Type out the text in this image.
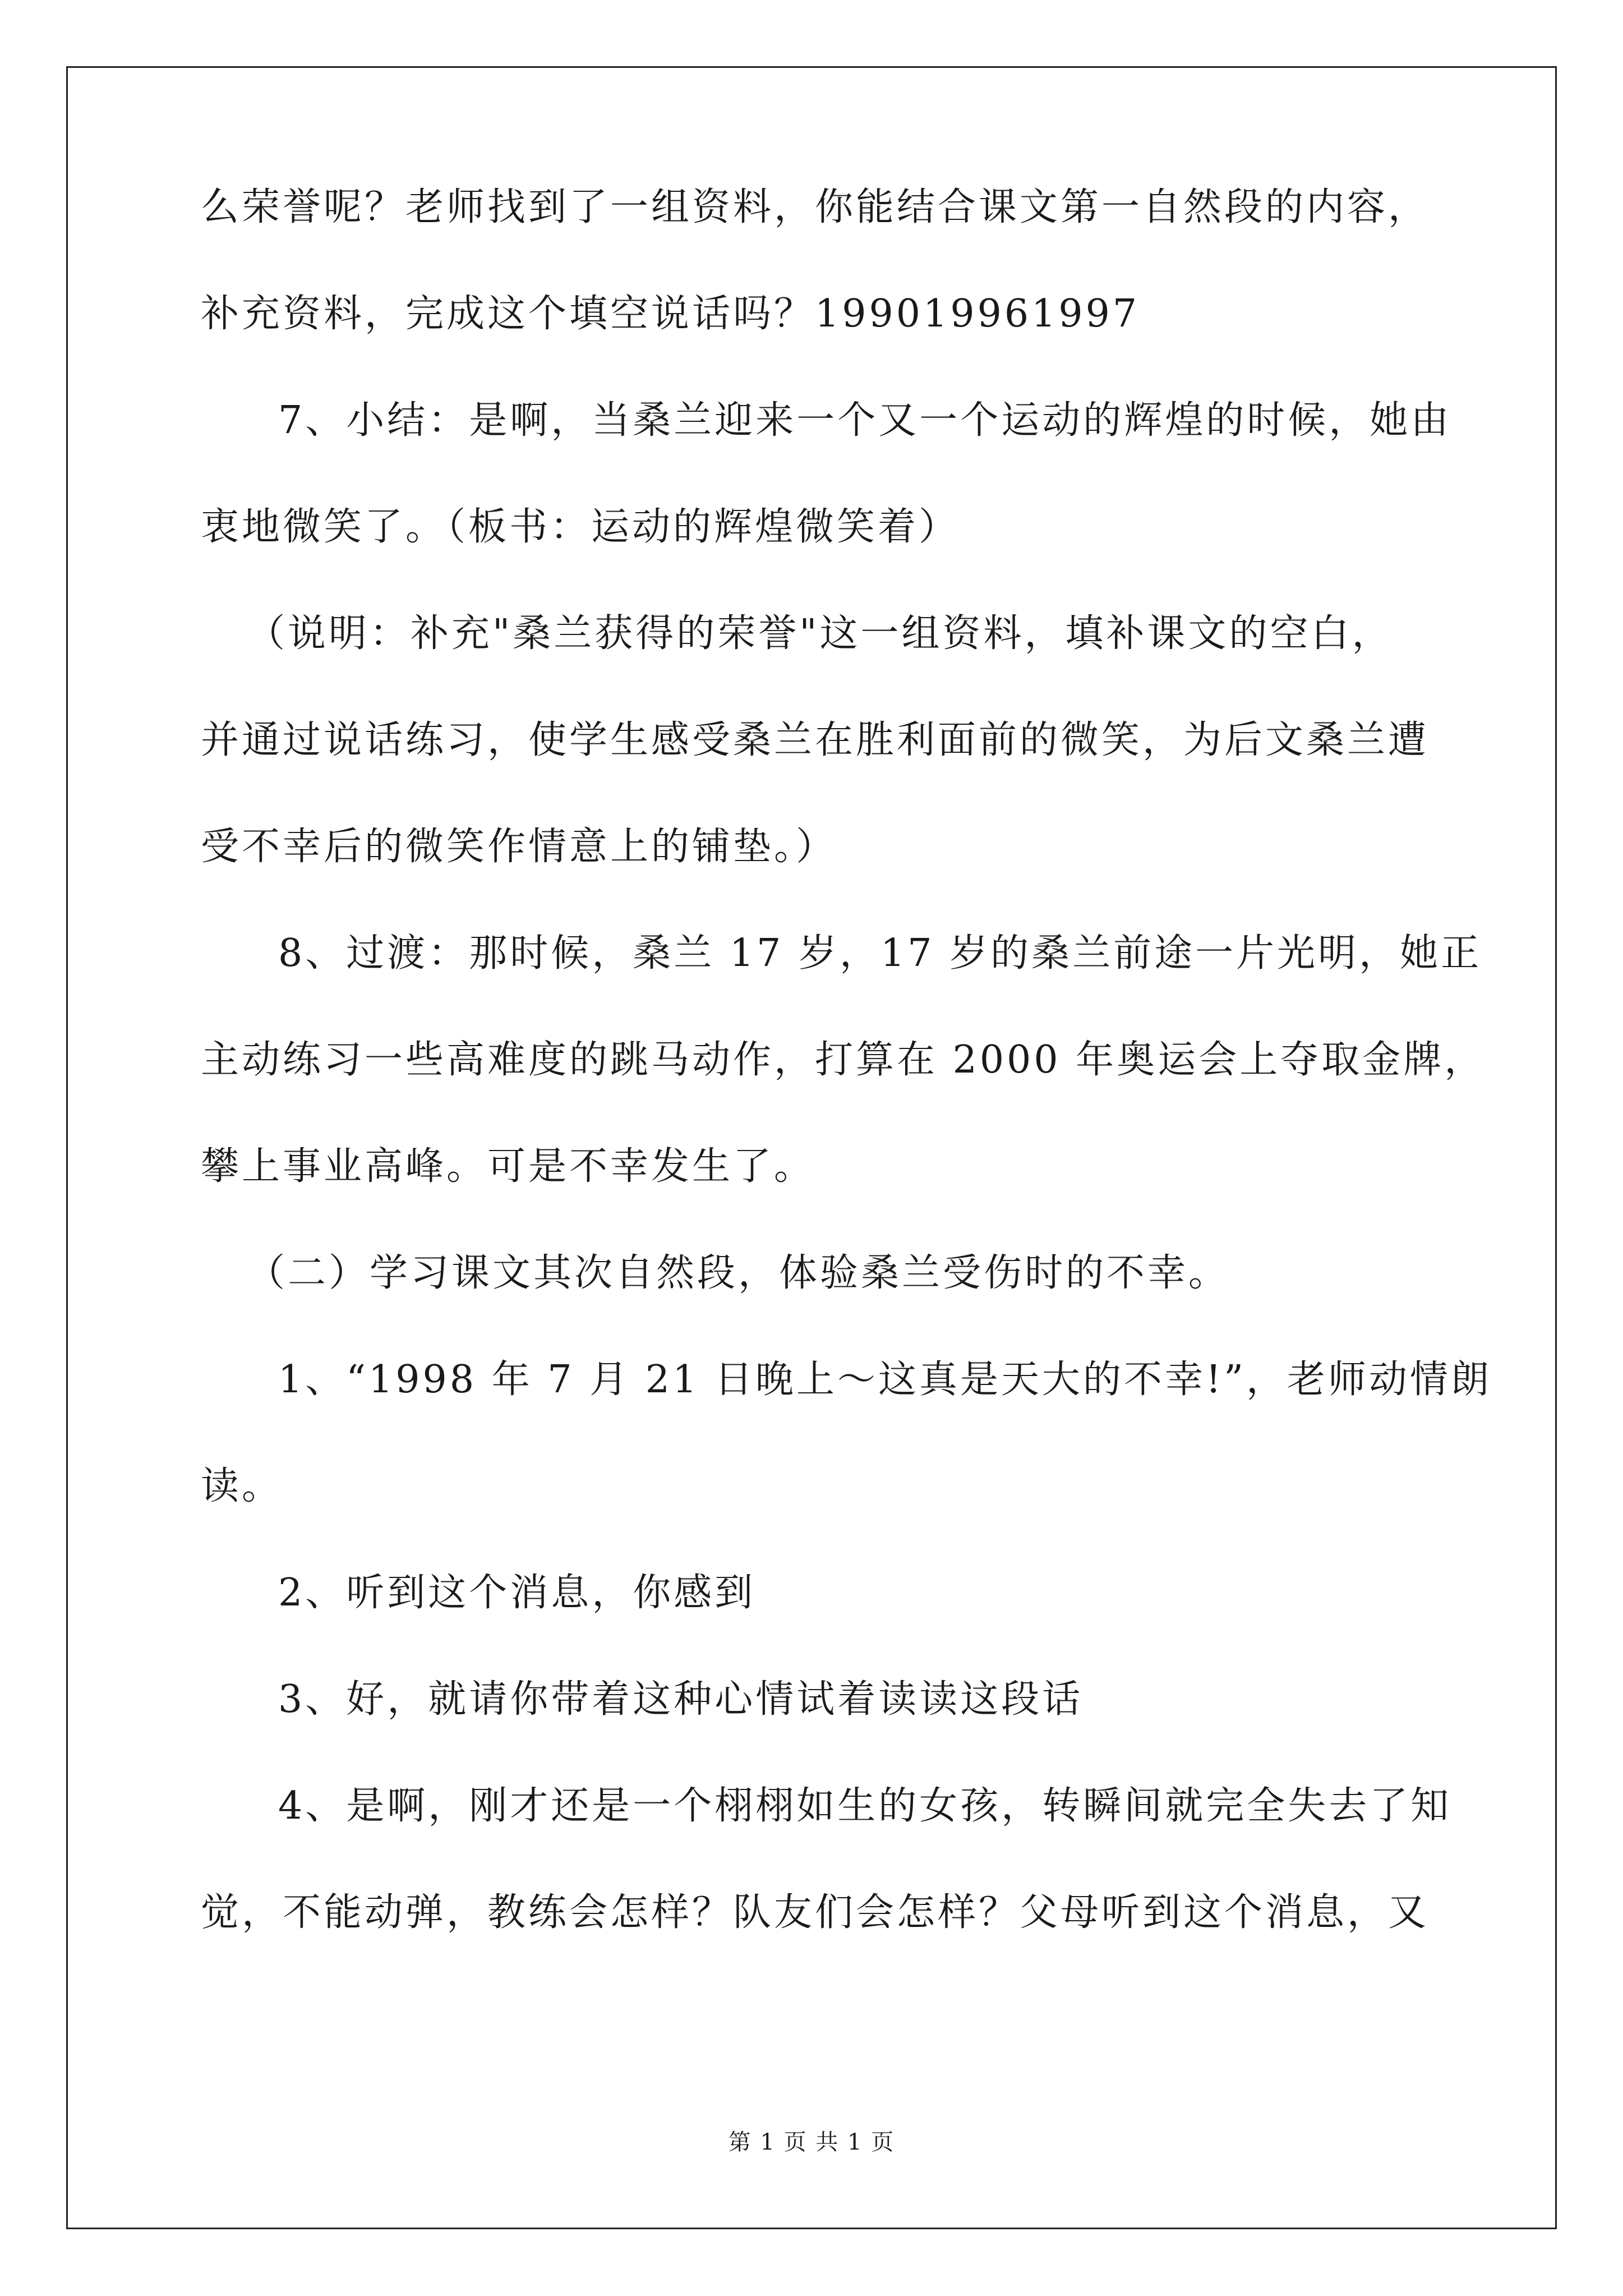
么荣誉呢？老师找到了一组资料，你能结合课文第一自然段的内容，
补充资料，完成这个填空说话吗？199019961997
7、小结：是啊，当桑兰迎来一个又一个运动的辉煌的时候，她由
衷地微笑了。（板书：运动的辉煌微笑着）
（说明：补充"桑兰获得的荣誉"这一组资料，填补课文的空白，
并通过说话练习，使学生感受桑兰在胜利面前的微笑，为后文桑兰遭
受不幸后的微笑作情意上的铺垫。）
8、过渡：那时候，桑兰 17 岁，17 岁的桑兰前途一片光明，她正
主动练习一些高难度的跳马动作，打算在 2000 年奥运会上夺取金牌，
攀上事业高峰。可是不幸发生了。
（二）学习课文其次自然段，体验桑兰受伤时的不幸。
1、“1998 年 7 月 21 日晚上～这真是天大的不幸!”，老师动情朗
读。
2、听到这个消息，你感到
3、好，就请你带着这种心情试着读读这段话
4、是啊，刚才还是一个栩栩如生的女孩，转瞬间就完全失去了知
觉，不能动弹，教练会怎样？队友们会怎样？父母听到这个消息，又
第 1 页 共 1 页
